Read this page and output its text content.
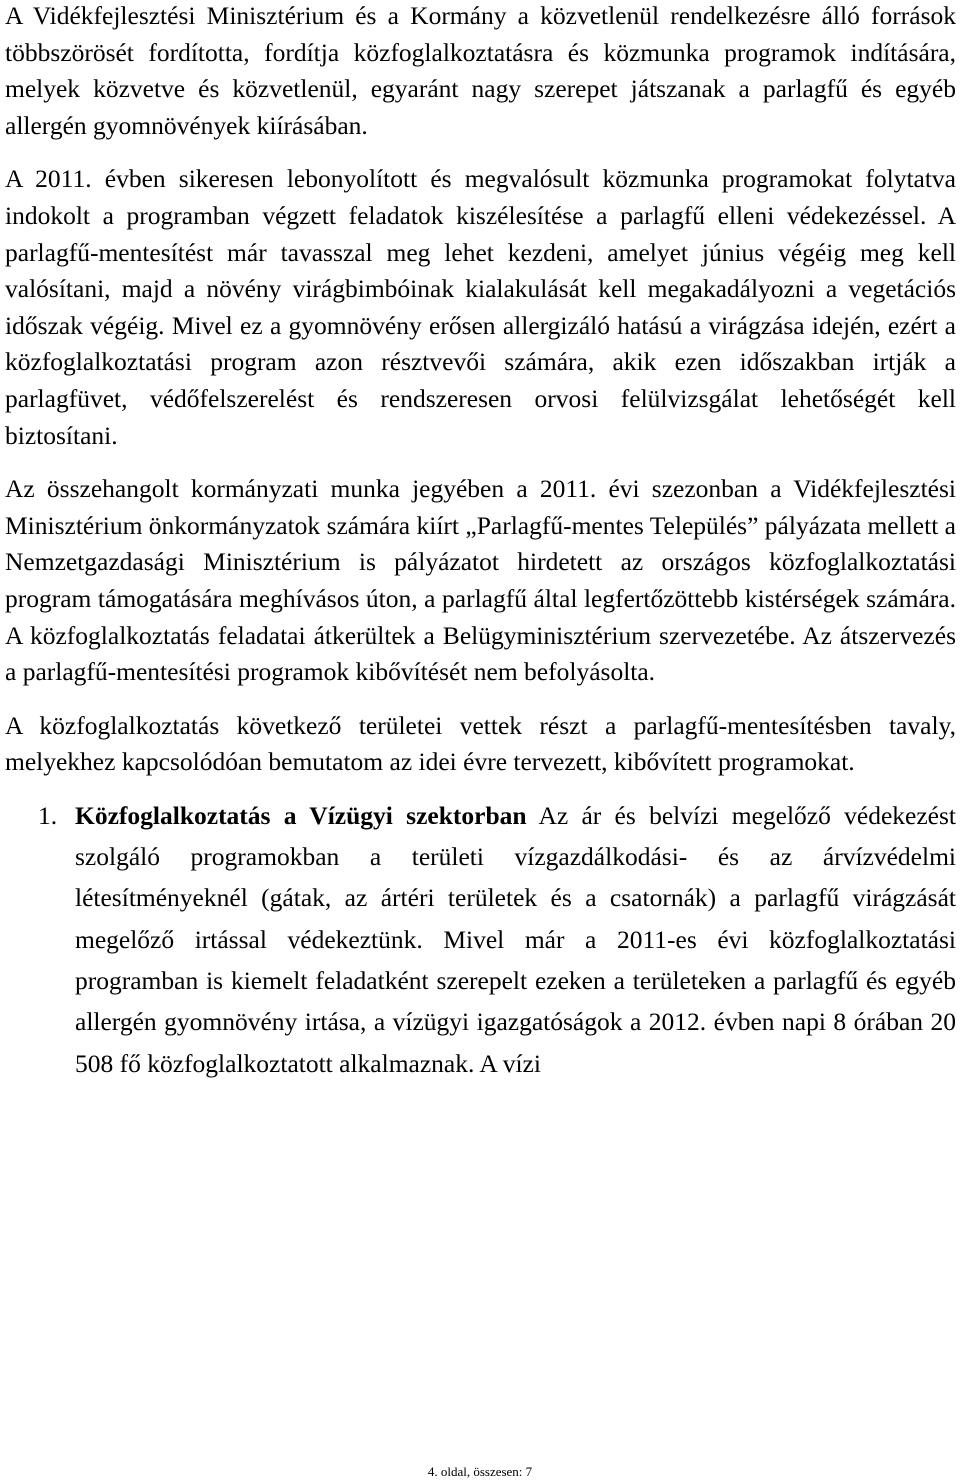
A Vidékfejlesztési Minisztérium és a Kormány a közvetlenül rendelkezésre álló források többszörösét fordította, fordítja közfoglalkoztatásra és közmunka programok indítására, melyek közvetve és közvetlenül, egyaránt nagy szerepet játszanak a parlagfű és egyéb allergén gyomnövények kiírásában.

A 2011. évben sikeresen lebonyolított és megvalósult közmunka programokat folytatva indokolt a programban végzett feladatok kiszélesítése a parlagfű elleni védekezéssel. A parlagfű-mentesítést már tavasszal meg lehet kezdeni, amelyet június végéig meg kell valósítani, majd a növény virágbimbóinak kialakulását kell megakadályozni a vegetációs időszak végéig. Mivel ez a gyomnövény erősen allergizáló hatású a virágzása idején, ezért a közfoglalkoztatási program azon résztvevői számára, akik ezen időszakban irtják a parlagfüvet, védőfelszerelést és rendszeresen orvosi felülvizsgálat lehetőségét kell biztosítani.

Az összehangolt kormányzati munka jegyében a 2011. évi szezonban a Vidékfejlesztési Minisztérium önkormányzatok számára kiírt „Parlagfű-mentes Település” pályázata mellett a Nemzetgazdasági Minisztérium is pályázatot hirdetett az országos közfoglalkoztatási program támogatására meghívásos úton, a parlagfű által legfertőzöttebb kistérségek számára. A közfoglalkoztatás feladatai átkerültek a Belügyminisztérium szervezetébe. Az átszervezés a parlagfű-mentesítési programok kibővítését nem befolyásolta.

A közfoglalkoztatás következő területei vettek részt a parlagfű-mentesítésben tavaly, melyekhez kapcsolódóan bemutatom az idei évre tervezett, kibővített programokat.

1. Közfoglalkoztatás a Vízügyi szektorban Az ár és belvízi megelőző védekezést szolgáló programokban a területi vízgazdálkodási- és az árvízvédelmi létesítményeknél (gátak, az ártéri területek és a csatornák) a parlagfű virágzását megelőző irtással védekeztünk. Mivel már a 2011-es évi közfoglalkoztatási programban is kiemelt feladatként szerepelt ezeken a területeken a parlagfű és egyéb allergén gyomnövény irtása, a vízügyi igazgatóságok a 2012. évben napi 8 órában 20 508 fő közfoglalkoztatott alkalmaznak. A vízi

4. oldal, összesen: 7
